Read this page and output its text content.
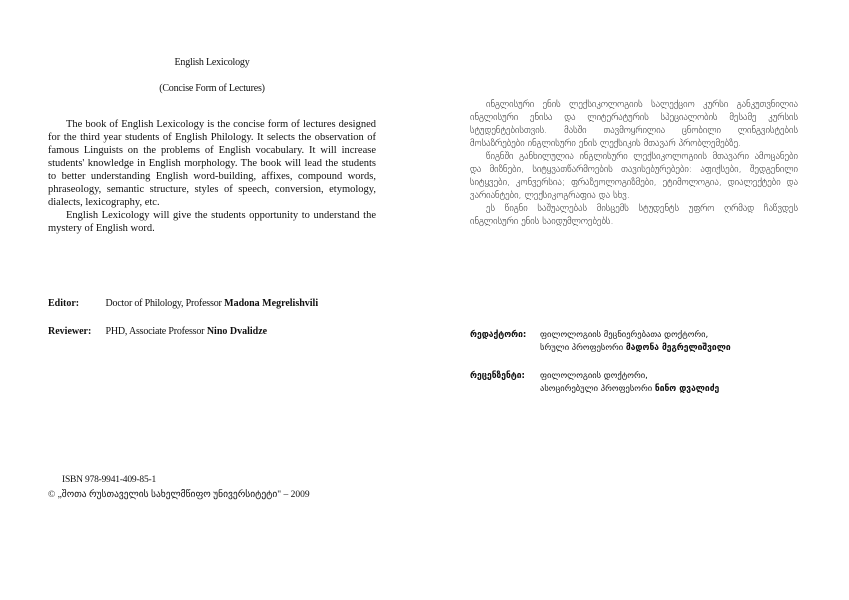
English Lexicology
(Concise Form of Lectures)

The book of English Lexicology is the concise form of lectures designed for the third year students of English Philology. It selects the observation of famous Linguists on the problems of English vocabulary. It will increase students' knowledge in English morphology. The book will lead the students to better understanding English word-building, affixes, compound words, phraseology, semantic structure, styles of speech, conversion, etymology, dialects, lexicography, etc.

English Lexicology will give the students opportunity to understand the mystery of English word.

Editor:	Doctor of Philology, Professor Madona Megrelishvili
Reviewer: PHD, Associate Professor Nino Dvalidze
ISBN 978-9941-409-85-1
© „შოთა რუსთაველის სახელმწიფო უნივერსიტეტი" – 2009

ინგლისური ენის ლექსიკოლოგიის სალექციო კურსი განკუთვნილია ინგლისური ენისა და ლიტერატურის სპეციალობის მესამე კურსის სტუდენტებისთვის. მასში თავმოყრილია ცნობილი ლინგვისტების მოსაზრებები ინგლისური ენის ლექსიკის მთავარ პრობლემებზე.

წიგნში განხილულია ინგლისური ლექსიკოლოგიის მთავარი ამოცანები და მიზნები, სიტყვათწარმოების თავისებურებები: აფიქსები, შედგენილი სიტყვები, კონვერსია; ფრაზეოლოგიზმები, ეტიმოლოგია, დიალექტები და ვარიანტები, ლექსიკოგრაფია და სხვ.

ეს წიგნი საშუალებას მისცემს სტუდენტს უფრო ღრმად ჩაწვდეს ინგლისური ენის საიდუმლოებებს.

რედაქტორი: ფილოლოგიის მეცნიერებათა დოქტორი,
სრული პროფესორი მადონა მეგრელიშვილი
რეცენზენტი: ფილოლოგიის დოქტორი,
ასოცირებული პროფესორი ნინო დვალიძე
